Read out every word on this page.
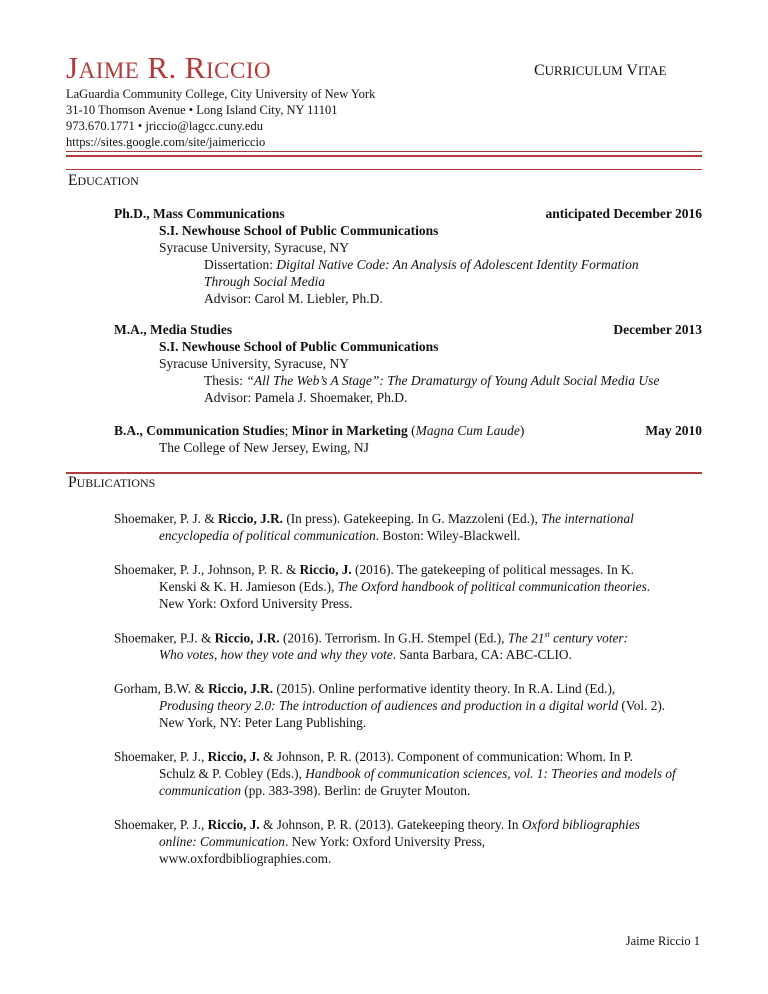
JAIME R. RICCIO	CURRICULUM VITAE
LaGuardia Community College, City University of New York
31-10 Thomson Avenue • Long Island City, NY 11101
973.670.1771 • jriccio@lagcc.cuny.edu
https://sites.google.com/site/jaimericcio
EDUCATION
Ph.D., Mass Communications	anticipated December 2016
S.I. Newhouse School of Public Communications
Syracuse University, Syracuse, NY
Dissertation: Digital Native Code: An Analysis of Adolescent Identity Formation
Through Social Media
Advisor: Carol M. Liebler, Ph.D.
M.A., Media Studies	December 2013
S.I. Newhouse School of Public Communications
Syracuse University, Syracuse, NY
Thesis: “All The Web’s A Stage”: The Dramaturgy of Young Adult Social Media Use
Advisor: Pamela J. Shoemaker, Ph.D.
B.A., Communication Studies; Minor in Marketing (Magna Cum Laude)	May 2010
The College of New Jersey, Ewing, NJ
PUBLICATIONS
Shoemaker, P. J. & Riccio, J.R. (In press). Gatekeeping. In G. Mazzoleni (Ed.), The international
encyclopedia of political communication. Boston: Wiley-Blackwell.
Shoemaker, P. J., Johnson, P. R. & Riccio, J. (2016). The gatekeeping of political messages. In K.
Kenski & K. H. Jamieson (Eds.), The Oxford handbook of political communication theories.
New York: Oxford University Press.
Shoemaker, P.J. & Riccio, J.R. (2016). Terrorism. In G.H. Stempel (Ed.), The 21st century voter:
Who votes, how they vote and why they vote. Santa Barbara, CA: ABC-CLIO.
Gorham, B.W. & Riccio, J.R. (2015). Online performative identity theory. In R.A. Lind (Ed.),
Produsing theory 2.0: The introduction of audiences and production in a digital world (Vol. 2).
New York, NY: Peter Lang Publishing.
Shoemaker, P. J., Riccio, J. & Johnson, P. R. (2013). Component of communication: Whom. In P.
Schulz & P. Cobley (Eds.), Handbook of communication sciences, vol. 1: Theories and models of
communication (pp. 383-398). Berlin: de Gruyter Mouton.
Shoemaker, P. J., Riccio, J. & Johnson, P. R. (2013). Gatekeeping theory. In Oxford bibliographies
online: Communication. New York: Oxford University Press,
www.oxfordbibliographies.com.
Jaime Riccio 1
